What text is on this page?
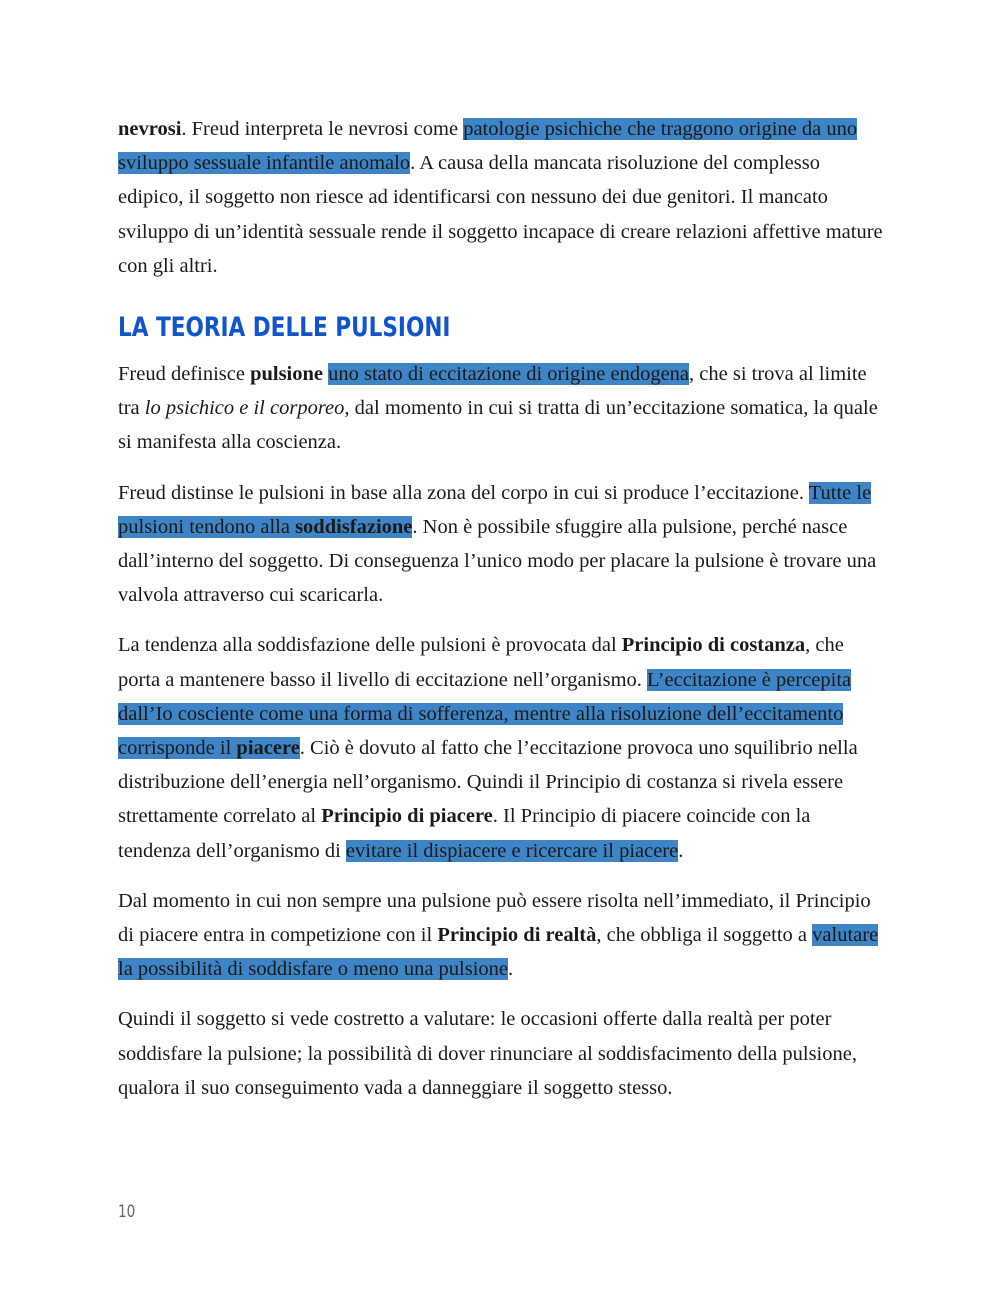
nevrosi. Freud interpreta le nevrosi come patologie psichiche che traggono origine da uno sviluppo sessuale infantile anomalo. A causa della mancata risoluzione del complesso edipico, il soggetto non riesce ad identificarsi con nessuno dei due genitori. Il mancato sviluppo di un’identità sessuale rende il soggetto incapace di creare relazioni affettive mature con gli altri.

LA TEORIA DELLE PULSIONI

Freud definisce pulsione uno stato di eccitazione di origine endogena, che si trova al limite tra lo psichico e il corporeo, dal momento in cui si tratta di un’eccitazione somatica, la quale si manifesta alla coscienza.

Freud distinse le pulsioni in base alla zona del corpo in cui si produce l’eccitazione. Tutte le pulsioni tendono alla soddisfazione. Non è possibile sfuggire alla pulsione, perché nasce dall’interno del soggetto. Di conseguenza l’unico modo per placare la pulsione è trovare una valvola attraverso cui scaricarla.

La tendenza alla soddisfazione delle pulsioni è provocata dal Principio di costanza, che porta a mantenere basso il livello di eccitazione nell’organismo. L’eccitazione è percepita dall’Io cosciente come una forma di sofferenza, mentre alla risoluzione dell’eccitamento corrisponde il piacere. Ciò è dovuto al fatto che l’eccitazione provoca uno squilibrio nella distribuzione dell’energia nell’organismo. Quindi il Principio di costanza si rivela essere strettamente correlato al Principio di piacere. Il Principio di piacere coincide con la tendenza dell’organismo di evitare il dispiacere e ricercare il piacere.

Dal momento in cui non sempre una pulsione può essere risolta nell’immediato, il Principio di piacere entra in competizione con il Principio di realtà, che obbliga il soggetto a valutare la possibilità di soddisfare o meno una pulsione.

Quindi il soggetto si vede costretto a valutare: le occasioni offerte dalla realtà per poter soddisfare la pulsione; la possibilità di dover rinunciare al soddisfacimento della pulsione, qualora il suo conseguimento vada a danneggiare il soggetto stesso.

10
